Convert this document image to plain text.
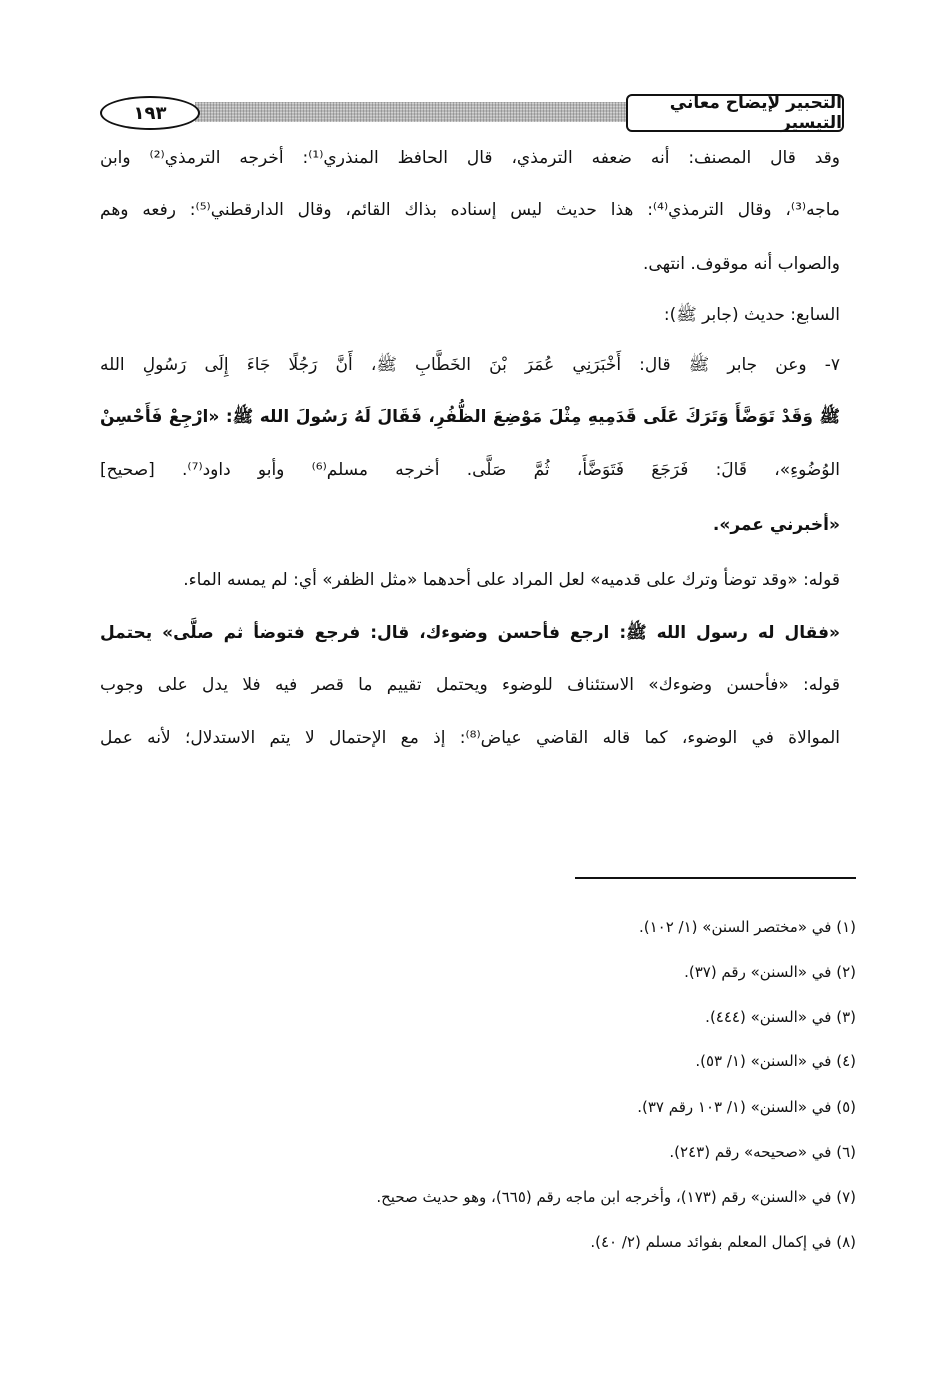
التحبير لإيضاح معاني التيسير
١٩٣
وقد قال المصنف: أنه ضعفه الترمذي، قال الحافظ المنذري⁽¹⁾: أخرجه الترمذي⁽²⁾ وابن
ماجه⁽³⁾، وقال الترمذي⁽⁴⁾: هذا حديث ليس إسناده بذاك القائم، وقال الدارقطني⁽⁵⁾: رفعه وهم
والصواب أنه موقوف. انتهى.
السابع: حديث (جابر ﷺ):
٧- وعن جابر ﷺ قال: أَخْبَرَنِي عُمَرَ بْنَ الخَطَّابِ ﷺ، أَنَّ رَجُلًا جَاءَ إِلَى رَسُولِ الله
ﷺ وَقَدْ تَوَضَّأَ وَتَرَكَ عَلَى قَدَمِيهِ مِثْلَ مَوْضِعَ الظُّفُرِ، فَقَالَ لَهُ رَسُولَ الله ﷺ: «ارْجِعْ فَأَحْسِنْ
الوُضُوءِ»، قَالَ: فَرَجَعَ فَتَوَضَّأَ، ثُمَّ صَلَّى. أخرجه مسلم⁽⁶⁾ وأبو داود⁽⁷⁾. [صحيح]
«أخبرني عمر».
قوله: «وقد توضأ وترك على قدميه» لعل المراد على أحدهما «مثل الظفر» أي: لم يمسه الماء.
«فقال له رسول الله ﷺ: ارجع فأحسن وضوءك، قال: فرجع فتوضأ ثم صلَّى» يحتمل
قوله: «فأحسن وضوءك» الاستئناف للوضوء ويحتمل تقييم ما قصر فيه فلا يدل على وجوب
الموالاة في الوضوء، كما قاله القاضي عياض⁽⁸⁾: إذ مع الإحتمال لا يتم الاستدلال؛ لأنه عمل
(١) في «مختصر السنن» (١/ ١٠٢).
(٢) في «السنن» رقم (٣٧).
(٣) في «السنن» (٤٤٤).
(٤) في «السنن» (١/ ٥٣).
(٥) في «السنن» (١/ ١٠٣ رقم ٣٧).
(٦) في «صحيحه» رقم (٢٤٣).
(٧) في «السنن» رقم (١٧٣)، وأخرجه ابن ماجه رقم (٦٦٥)، وهو حديث صحيح.
(٨) في إكمال المعلم بفوائد مسلم (٢/ ٤٠).
